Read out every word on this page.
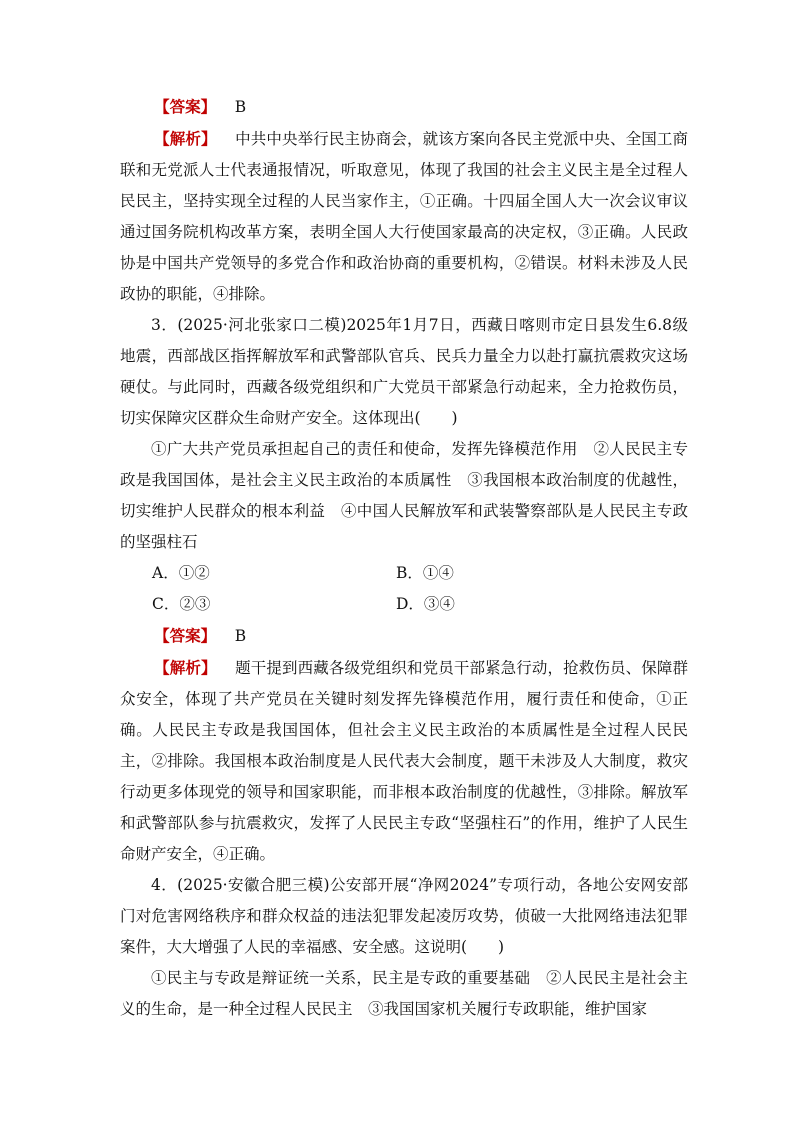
【答案】 B

【解析】 中共中央举行民主协商会，就该方案向各民主党派中央、全国工商联和无党派人士代表通报情况，听取意见，体现了我国的社会主义民主是全过程人民民主，坚持实现全过程的人民当家作主，①正确。十四届全国人大一次会议审议通过国务院机构改革方案，表明全国人大行使国家最高的决定权，③正确。人民政协是中国共产党领导的多党合作和政治协商的重要机构，②错误。材料未涉及人民政协的职能，④排除。

3．(2025·河北张家口二模)2025年1月7日，西藏日喀则市定日县发生6.8级地震，西部战区指挥解放军和武警部队官兵、民兵力量全力以赴打赢抗震救灾这场硬仗。与此同时，西藏各级党组织和广大党员干部紧急行动起来，全力抢救伤员，切实保障灾区群众生命财产安全。这体现出(　　)

①广大共产党员承担起自己的责任和使命，发挥先锋模范作用　②人民民主专政是我国国体，是社会主义民主政治的本质属性　③我国根本政治制度的优越性，切实维护人民群众的根本利益　④中国人民解放军和武装警察部队是人民民主专政的坚强柱石

A．①②	B．①④
C．②③	D．③④

【答案】 B

【解析】 题干提到西藏各级党组织和党员干部紧急行动，抢救伤员、保障群众安全，体现了共产党员在关键时刻发挥先锋模范作用，履行责任和使命，①正确。人民民主专政是我国国体，但社会主义民主政治的本质属性是全过程人民民主，②排除。我国根本政治制度是人民代表大会制度，题干未涉及人大制度，救灾行动更多体现党的领导和国家职能，而非根本政治制度的优越性，③排除。解放军和武警部队参与抗震救灾，发挥了人民民主专政“坚强柱石”的作用，维护了人民生命财产安全，④正确。

4．(2025·安徽合肥三模)公安部开展“净网2024”专项行动，各地公安网安部门对危害网络秩序和群众权益的违法犯罪发起凌厉攻势，侦破一大批网络违法犯罪案件，大大增强了人民的幸福感、安全感。这说明(　　)

①民主与专政是辩证统一关系，民主是专政的重要基础　②人民民主是社会主义的生命，是一种全过程人民民主　③我国国家机关履行专政职能，维护国家
